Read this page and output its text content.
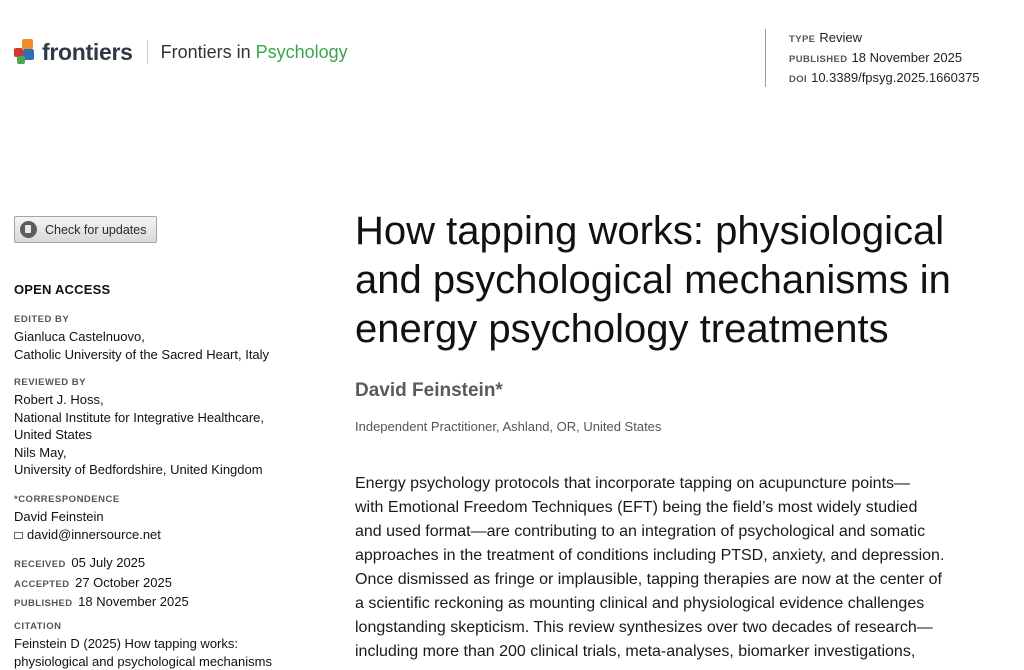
frontiers Frontiers in Psychology
TYPE Review
PUBLISHED 18 November 2025
DOI 10.3389/fpsyg.2025.1660375
Check for updates
OPEN ACCESS
EDITED BY
Gianluca Castelnuovo,
Catholic University of the Sacred Heart, Italy
REVIEWED BY
Robert J. Hoss,
National Institute for Integrative Healthcare,
United States
Nils May,
University of Bedfordshire, United Kingdom
*CORRESPONDENCE
David Feinstein
david@innersource.net
RECEIVED 05 July 2025
ACCEPTED 27 October 2025
PUBLISHED 18 November 2025
CITATION
Feinstein D (2025) How tapping works:
physiological and psychological mechanisms
How tapping works: physiological and psychological mechanisms in energy psychology treatments
David Feinstein*
Independent Practitioner, Ashland, OR, United States
Energy psychology protocols that incorporate tapping on acupuncture points—
with Emotional Freedom Techniques (EFT) being the field’s most widely studied
and used format—are contributing to an integration of psychological and somatic
approaches in the treatment of conditions including PTSD, anxiety, and depression.
Once dismissed as fringe or implausible, tapping therapies are now at the center of
a scientific reckoning as mounting clinical and physiological evidence challenges
longstanding skepticism. This review synthesizes over two decades of research—
including more than 200 clinical trials, meta-analyses, biomarker investigations,
